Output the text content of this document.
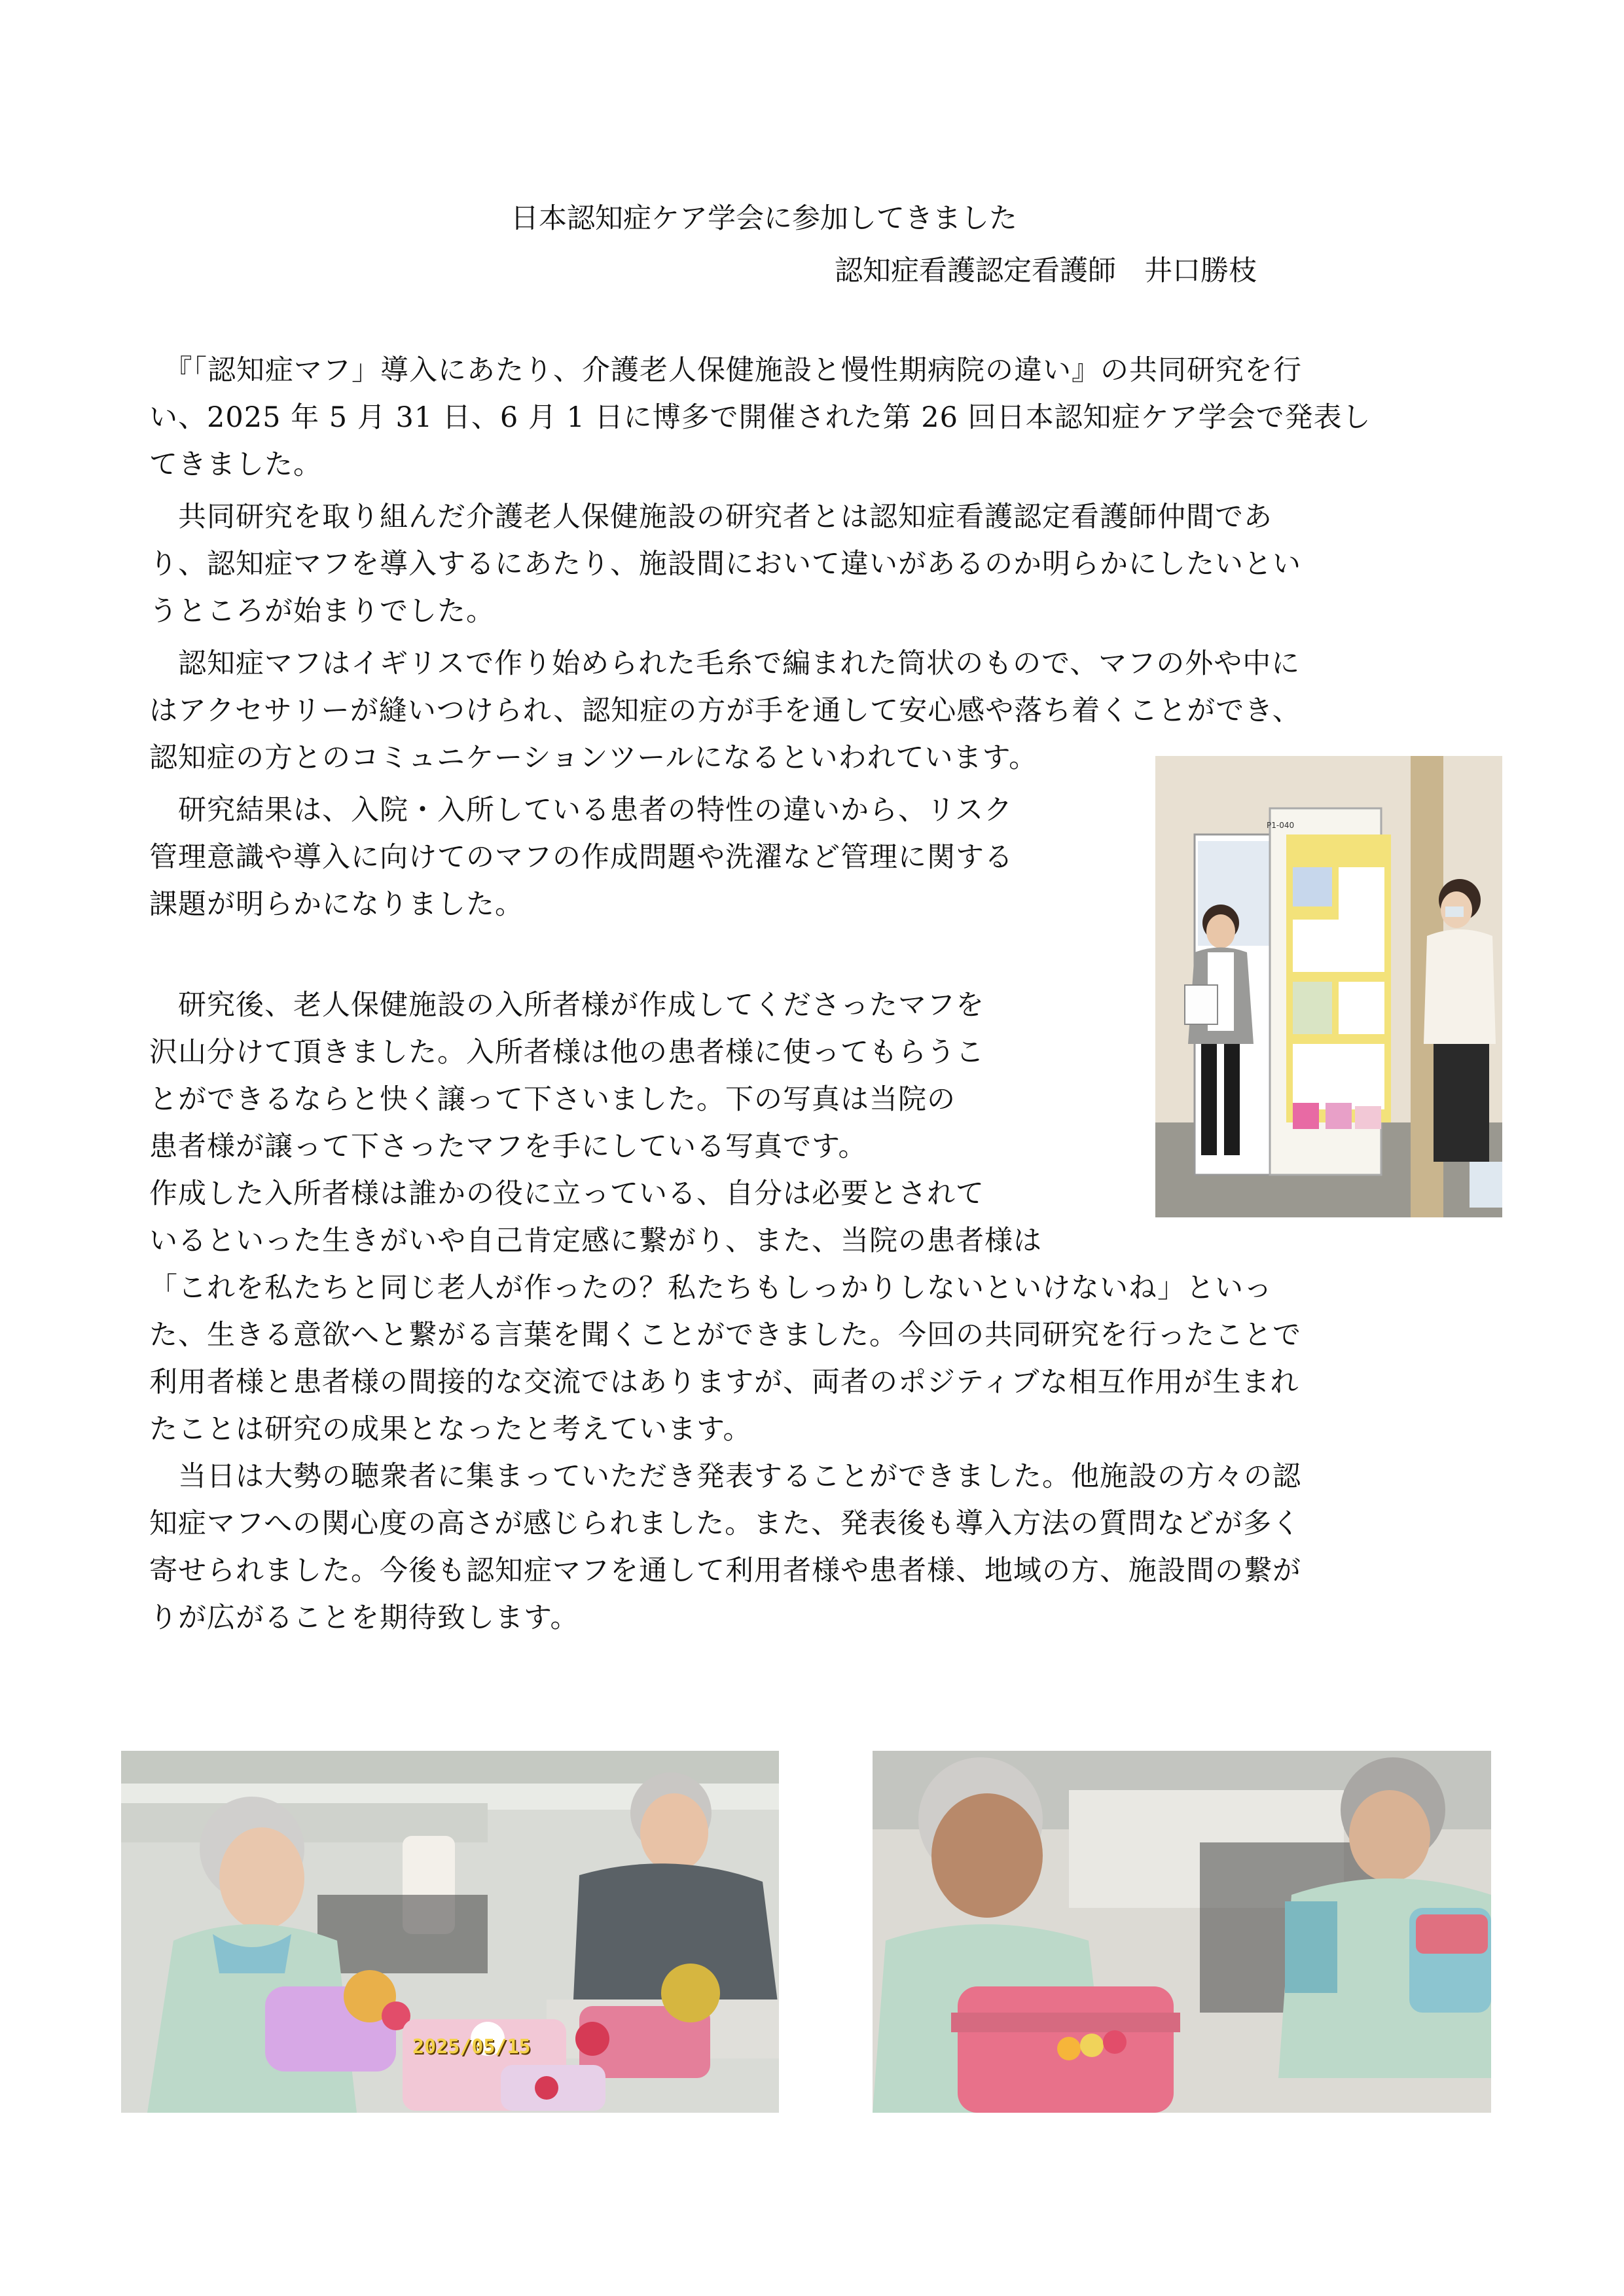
日本認知症ケア学会に参加してきました
認知症看護認定看護師　井口勝枝
　『「認知症マフ」導入にあたり、介護老人保健施設と慢性期病院の違い』の共同研究を行
い、2025 年 5 月 31 日、6 月 1 日に博多で開催された第 26 回日本認知症ケア学会で発表し
てきました。
　共同研究を取り組んだ介護老人保健施設の研究者とは認知症看護認定看護師仲間であ
り、認知症マフを導入するにあたり、施設間において違いがあるのか明らかにしたいとい
うところが始まりでした。
　認知症マフはイギリスで作り始められた毛糸で編まれた筒状のもので、マフの外や中に
はアクセサリーが縫いつけられ、認知症の方が手を通して安心感や落ち着くことができ、
認知症の方とのコミュニケーションツールになるといわれています。
　研究結果は、入院・入所している患者の特性の違いから、リスク
管理意識や導入に向けてのマフの作成問題や洗濯など管理に関する
課題が明らかになりました。
　研究後、老人保健施設の入所者様が作成してくださったマフを
沢山分けて頂きました。入所者様は他の患者様に使ってもらうこ
とができるならと快く譲って下さいました。下の写真は当院の
患者様が譲って下さったマフを手にしている写真です。
作成した入所者様は誰かの役に立っている、自分は必要とされて
いるといった生きがいや自己肯定感に繋がり、また、当院の患者様は
「これを私たちと同じ老人が作ったの？私たちもしっかりしないといけないね」といっ
た、生きる意欲へと繋がる言葉を聞くことができました。今回の共同研究を行ったことで
利用者様と患者様の間接的な交流ではありますが、両者のポジティブな相互作用が生まれ
たことは研究の成果となったと考えています。
　当日は大勢の聴衆者に集まっていただき発表することができました。他施設の方々の認
知症マフへの関心度の高さが感じられました。また、発表後も導入方法の質問などが多く
寄せられました。今後も認知症マフを通して利用者様や患者様、地域の方、施設間の繋が
りが広がることを期待致します。
P1-040
2025/05/15
